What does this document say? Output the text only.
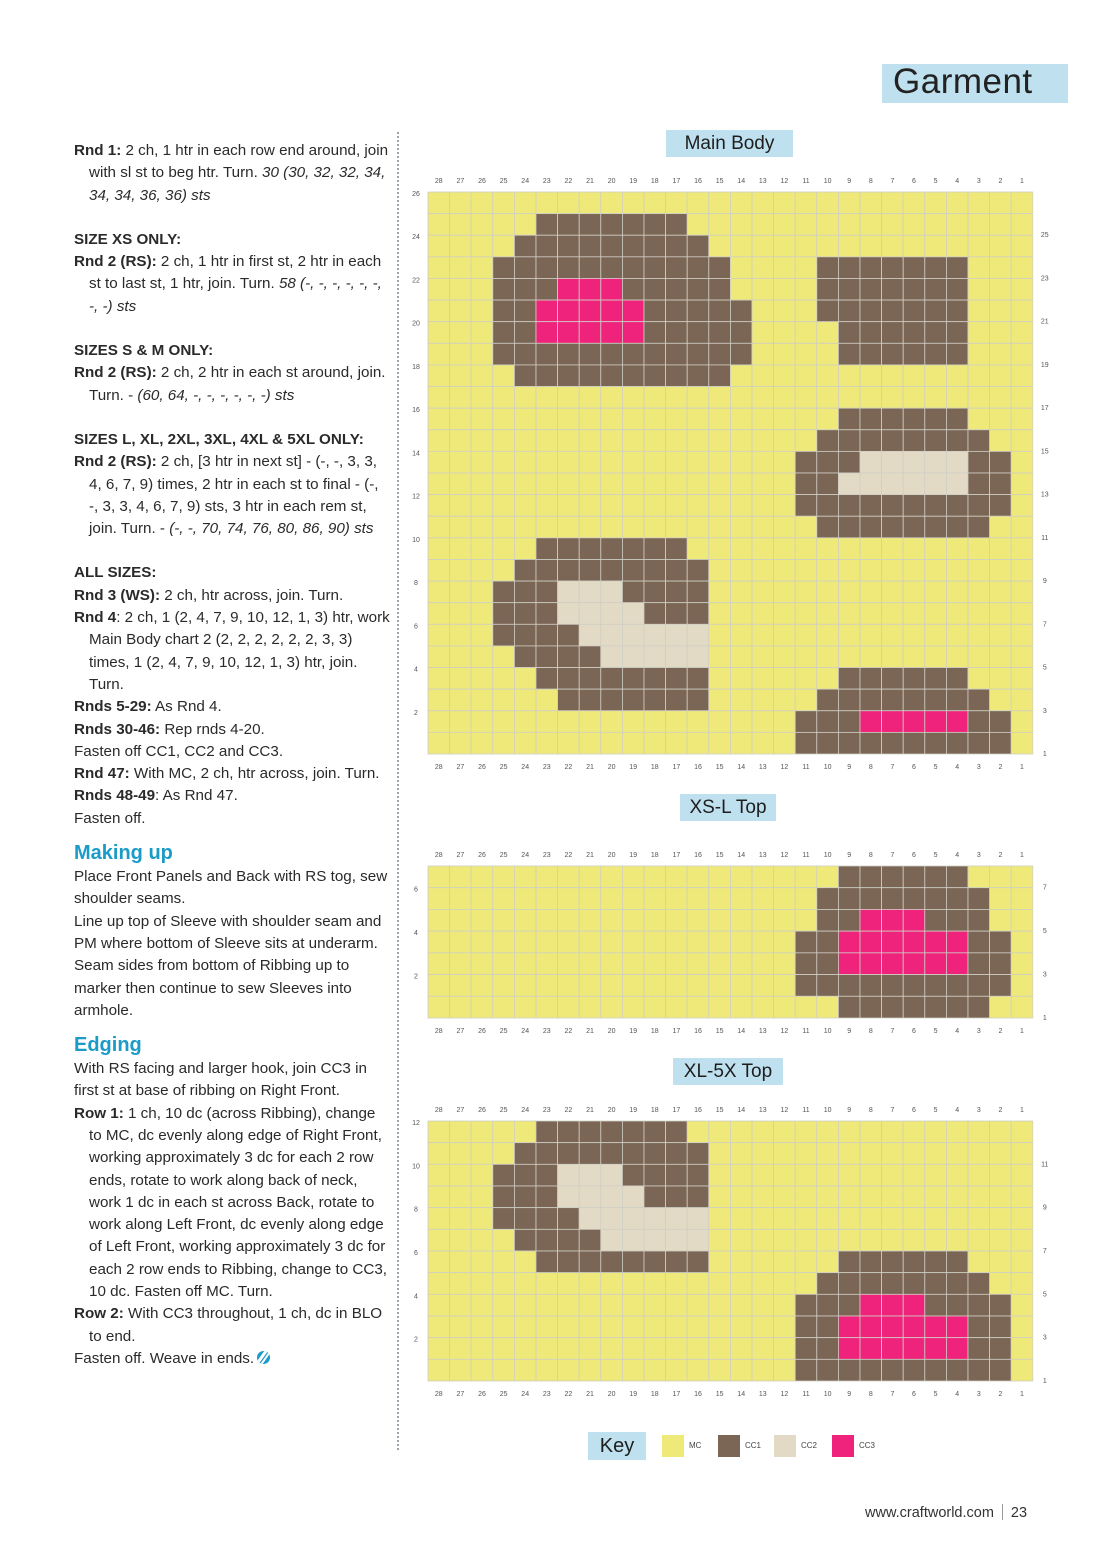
Garment

Rnd 1: 2 ch, 1 htr in each row end around, join with sl st to beg htr. Turn. 30 (30, 32, 32, 34, 34, 34, 36, 36) sts

SIZE XS ONLY:

Rnd 2 (RS): 2 ch, 1 htr in first st, 2 htr in each st to last st, 1 htr, join. Turn. 58 (-, -, -, -, -, -, -, -) sts

SIZES S & M ONLY:

Rnd 2 (RS): 2 ch, 2 htr in each st around, join. Turn. - (60, 64, -, -, -, -, -, -) sts

SIZES L, XL, 2XL, 3XL, 4XL & 5XL ONLY:

Rnd 2 (RS): 2 ch, [3 htr in next st] - (-, -, 3, 3, 4, 6, 7, 9) times, 2 htr in each st to final - (-, -, 3, 3, 4, 6, 7, 9) sts, 3 htr in each rem st, join. Turn. - (-, -, 70, 74, 76, 80, 86, 90) sts

ALL SIZES:

Rnd 3 (WS): 2 ch, htr across, join. Turn.

Rnd 4: 2 ch, 1 (2, 4, 7, 9, 10, 12, 1, 3) htr, work Main Body chart 2 (2, 2, 2, 2, 2, 2, 3, 3) times, 1 (2, 4, 7, 9, 10, 12, 1, 3) htr, join. Turn.

Rnds 5-29: As Rnd 4.

Rnds 30-46: Rep rnds 4-20.

Fasten off CC1, CC2 and CC3.

Rnd 47: With MC, 2 ch, htr across, join. Turn.

Rnds 48-49: As Rnd 47.

Fasten off.

Making up

Place Front Panels and Back with RS tog, sew shoulder seams.

Line up top of Sleeve with shoulder seam and PM where bottom of Sleeve sits at underarm. Seam sides from bottom of Ribbing up to marker then continue to sew Sleeves into armhole.

Edging

With RS facing and larger hook, join CC3 in first st at base of ribbing on Right Front.

Row 1: 1 ch, 10 dc (across Ribbing), change to MC, dc evenly along edge of Right Front, working approximately 3 dc for each 2 row ends, rotate to work along back of neck, work 1 dc in each st across Back, rotate to work along Left Front, dc evenly along edge of Left Front, working approximately 3 dc for each 2 row ends to Ribbing, change to CC3, 10 dc. Fasten off MC. Turn.

Row 2: With CC3 throughout, 1 ch, dc in BLO to end.

Fasten off. Weave in ends.

Main Body
XS-L Top
XL-5X Top
28
28
27
27
26
26
25
25
24
24
23
23
22
22
21
21
20
20
19
19
18
18
17
17
16
16
15
15
14
14
13
13
12
12
11
11
10
10
9
9
8
8
7
7
6
6
5
5
4
4
3
3
2
2
1
1
1
2	3
4	5
6	7
8	9
10	11
12	13
14	15
16	17
18	19
20	21
22	23
24	25
26
28
28
27
27
26
26
25
25
24
24
23
23
22
22
21
21
20
20
19
19
18
18
17
17
16
16
15
15
14
14
13
13
12
12
11
11
10
10
9
9
8
8
7
7
6
6
5
5
4
4
3
3
2
2
1
1
1
2	3
4	5
6	7
28
28
27
27
26
26
25
25
24
24
23
23
22
22
21
21
20
20
19
19
18
18
17
17
16
16
15
15
14
14
13
13
12
12
11
11
10
10
9
9
8
8
7
7
6
6
5
5
4
4
3
3
2
2
1
1
1
2	3
4	5
6	7
8	9
10	11
12
Key	MC	CC1	CC2	CC3
www.craftworld.com 23
